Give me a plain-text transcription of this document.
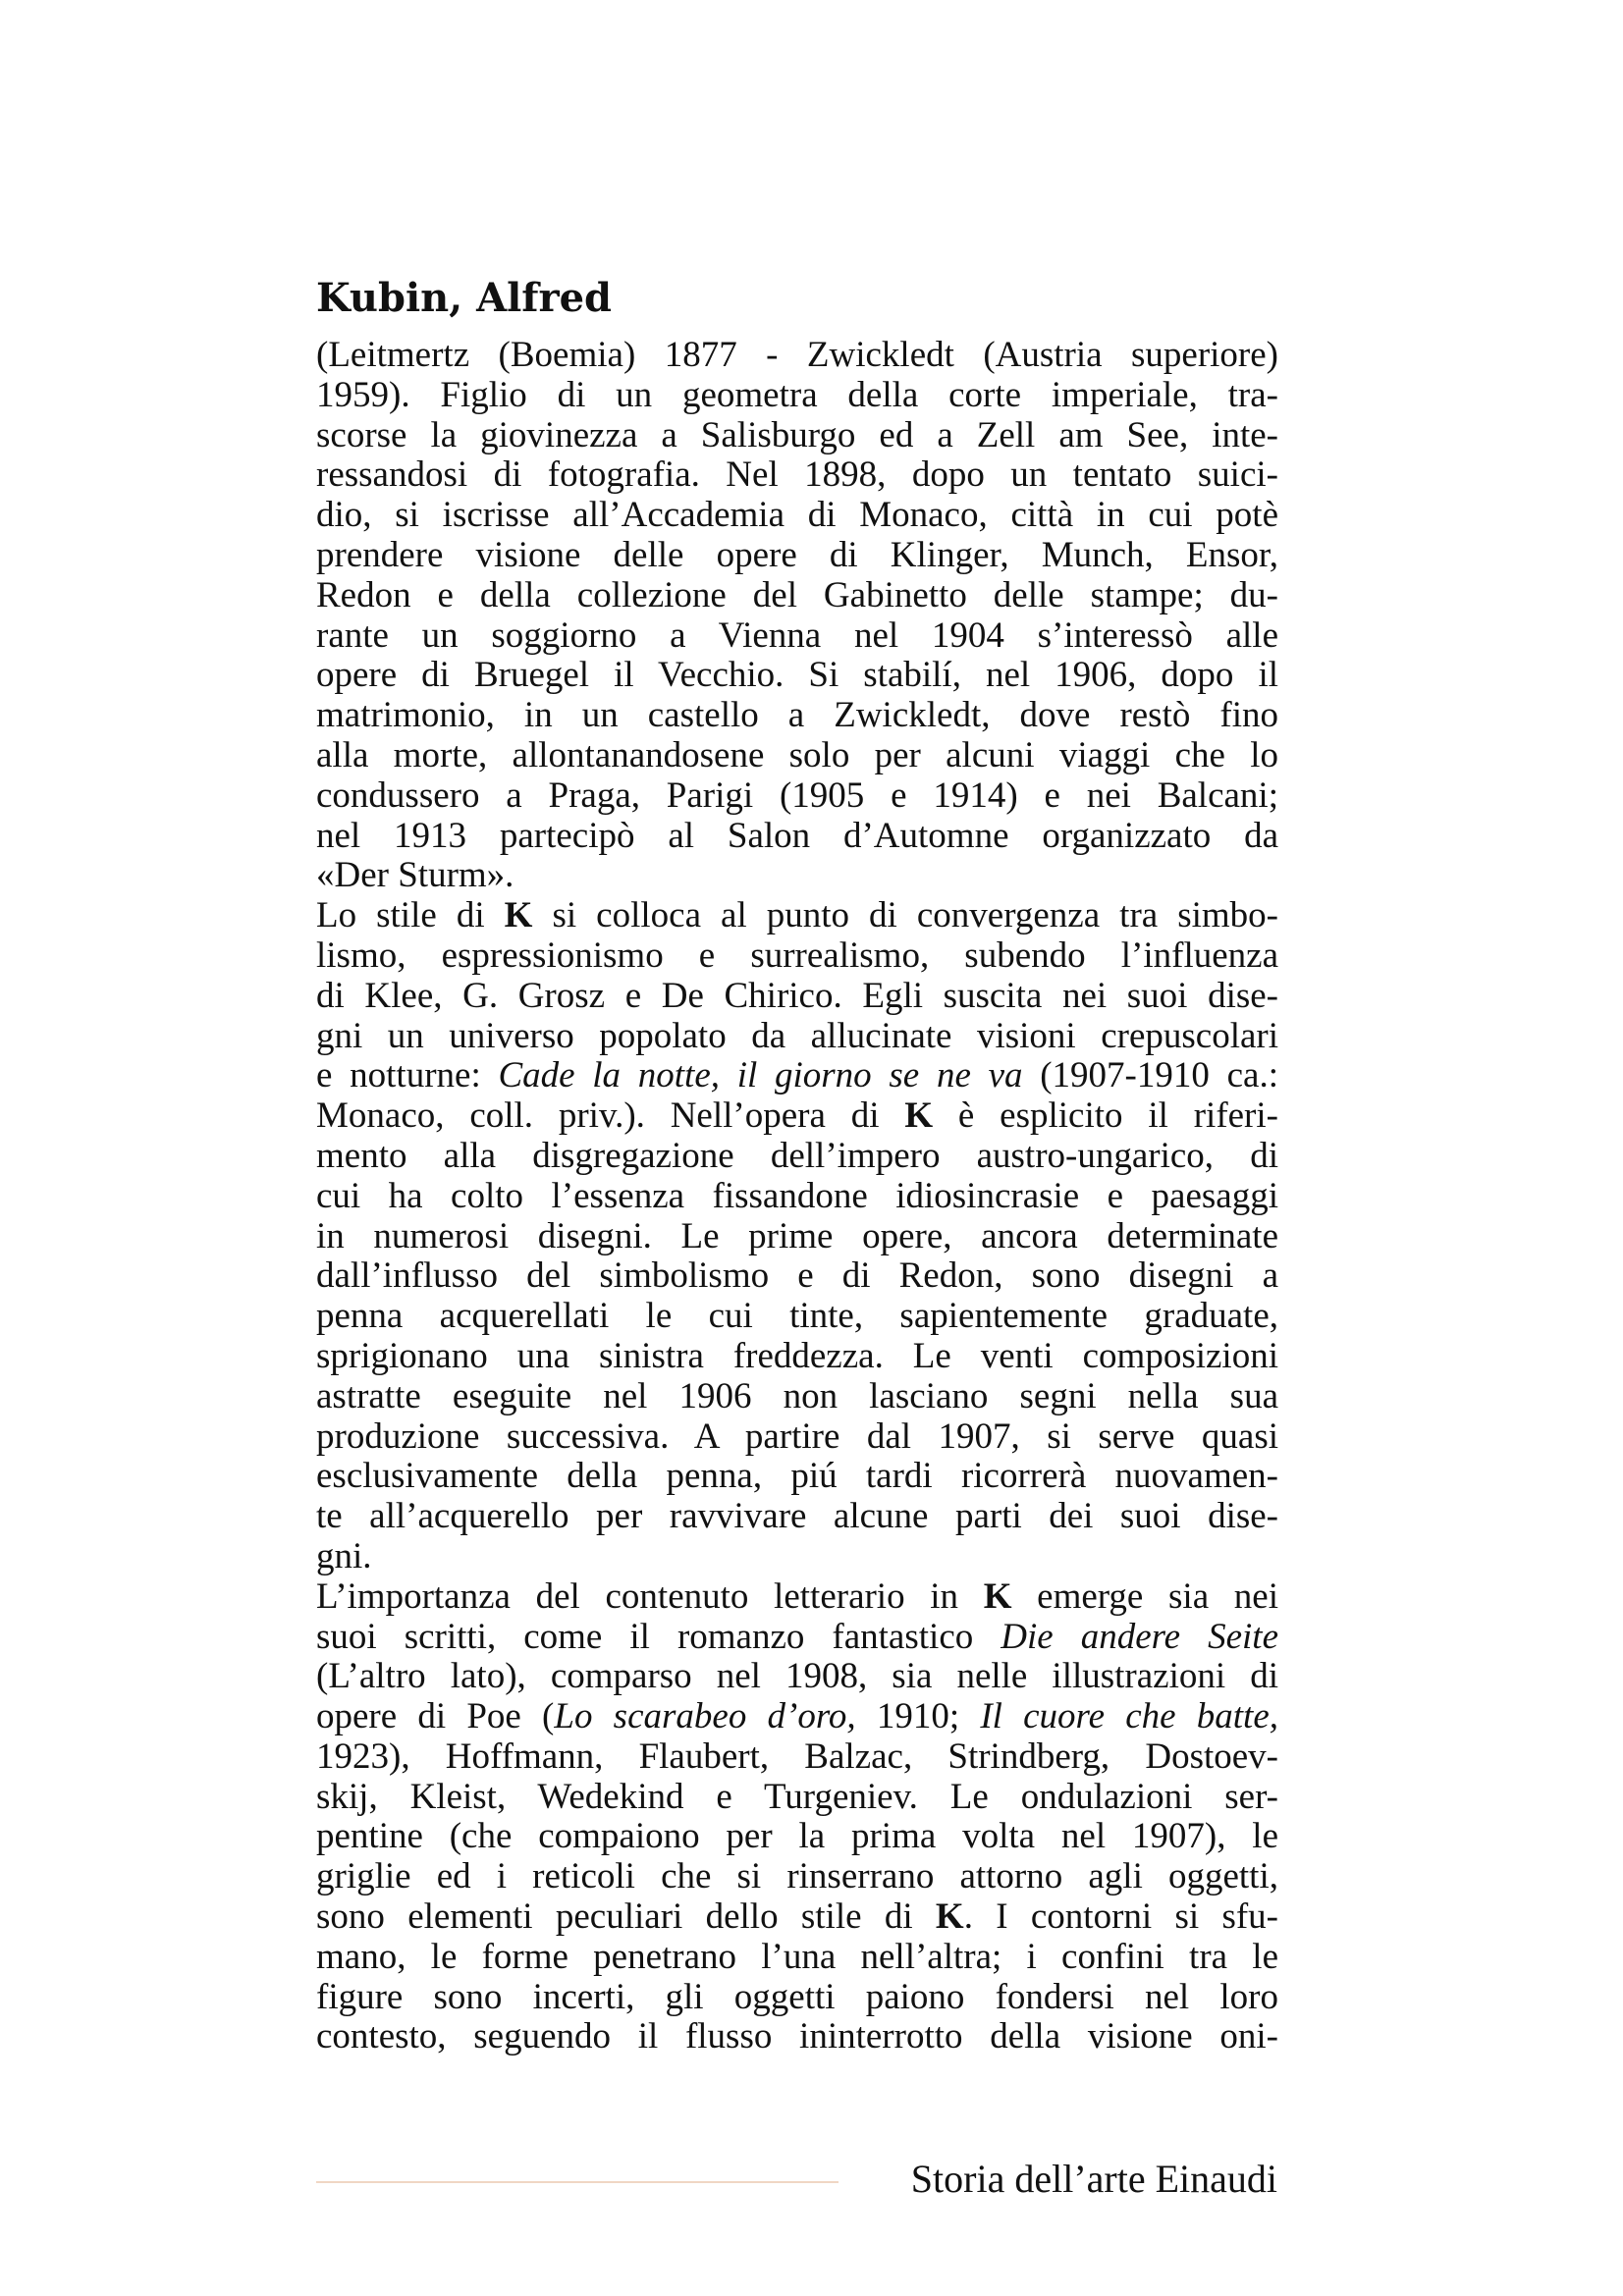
Kubin, Alfred
(Leitmertz (Boemia) 1877 - Zwickledt (Austria superiore)
1959). Figlio di un geometra della corte imperiale, tra-
scorse la giovinezza a Salisburgo ed a Zell am See, inte-
ressandosi di fotografia. Nel 1898, dopo un tentato suici-
dio, si iscrisse all’Accademia di Monaco, città in cui potè
prendere visione delle opere di Klinger, Munch, Ensor,
Redon e della collezione del Gabinetto delle stampe; du-
rante un soggiorno a Vienna nel 1904 s’interessò alle
opere di Bruegel il Vecchio. Si stabilí, nel 1906, dopo il
matrimonio, in un castello a Zwickledt, dove restò fino
alla morte, allontanandosene solo per alcuni viaggi che lo
condussero a Praga, Parigi (1905 e 1914) e nei Balcani;
nel 1913 partecipò al Salon d’Automne organizzato da
«Der Sturm».
Lo stile di K si colloca al punto di convergenza tra simbo-
lismo, espressionismo e surrealismo, subendo l’influenza
di Klee, G. Grosz e De Chirico. Egli suscita nei suoi dise-
gni un universo popolato da allucinate visioni crepuscolari
e notturne: Cade la notte, il giorno se ne va (1907-1910 ca.:
Monaco, coll. priv.). Nell’opera di K è esplicito il riferi-
mento alla disgregazione dell’impero austro-ungarico, di
cui ha colto l’essenza fissandone idiosincrasie e paesaggi
in numerosi disegni. Le prime opere, ancora determinate
dall’influsso del simbolismo e di Redon, sono disegni a
penna acquerellati le cui tinte, sapientemente graduate,
sprigionano una sinistra freddezza. Le venti composizioni
astratte eseguite nel 1906 non lasciano segni nella sua
produzione successiva. A partire dal 1907, si serve quasi
esclusivamente della penna, piú tardi ricorrerà nuovamen-
te all’acquerello per ravvivare alcune parti dei suoi dise-
gni.
L’importanza del contenuto letterario in K emerge sia nei
suoi scritti, come il romanzo fantastico Die andere Seite
(L’altro lato), comparso nel 1908, sia nelle illustrazioni di
opere di Poe (Lo scarabeo d’oro, 1910; Il cuore che batte,
1923), Hoffmann, Flaubert, Balzac, Strindberg, Dostoev-
skij, Kleist, Wedekind e Turgeniev. Le ondulazioni ser-
pentine (che compaiono per la prima volta nel 1907), le
griglie ed i reticoli che si rinserrano attorno agli oggetti,
sono elementi peculiari dello stile di K. I contorni si sfu-
mano, le forme penetrano l’una nell’altra; i confini tra le
figure sono incerti, gli oggetti paiono fondersi nel loro
contesto, seguendo il flusso ininterrotto della visione oni-
Storia dell’arte Einaudi
